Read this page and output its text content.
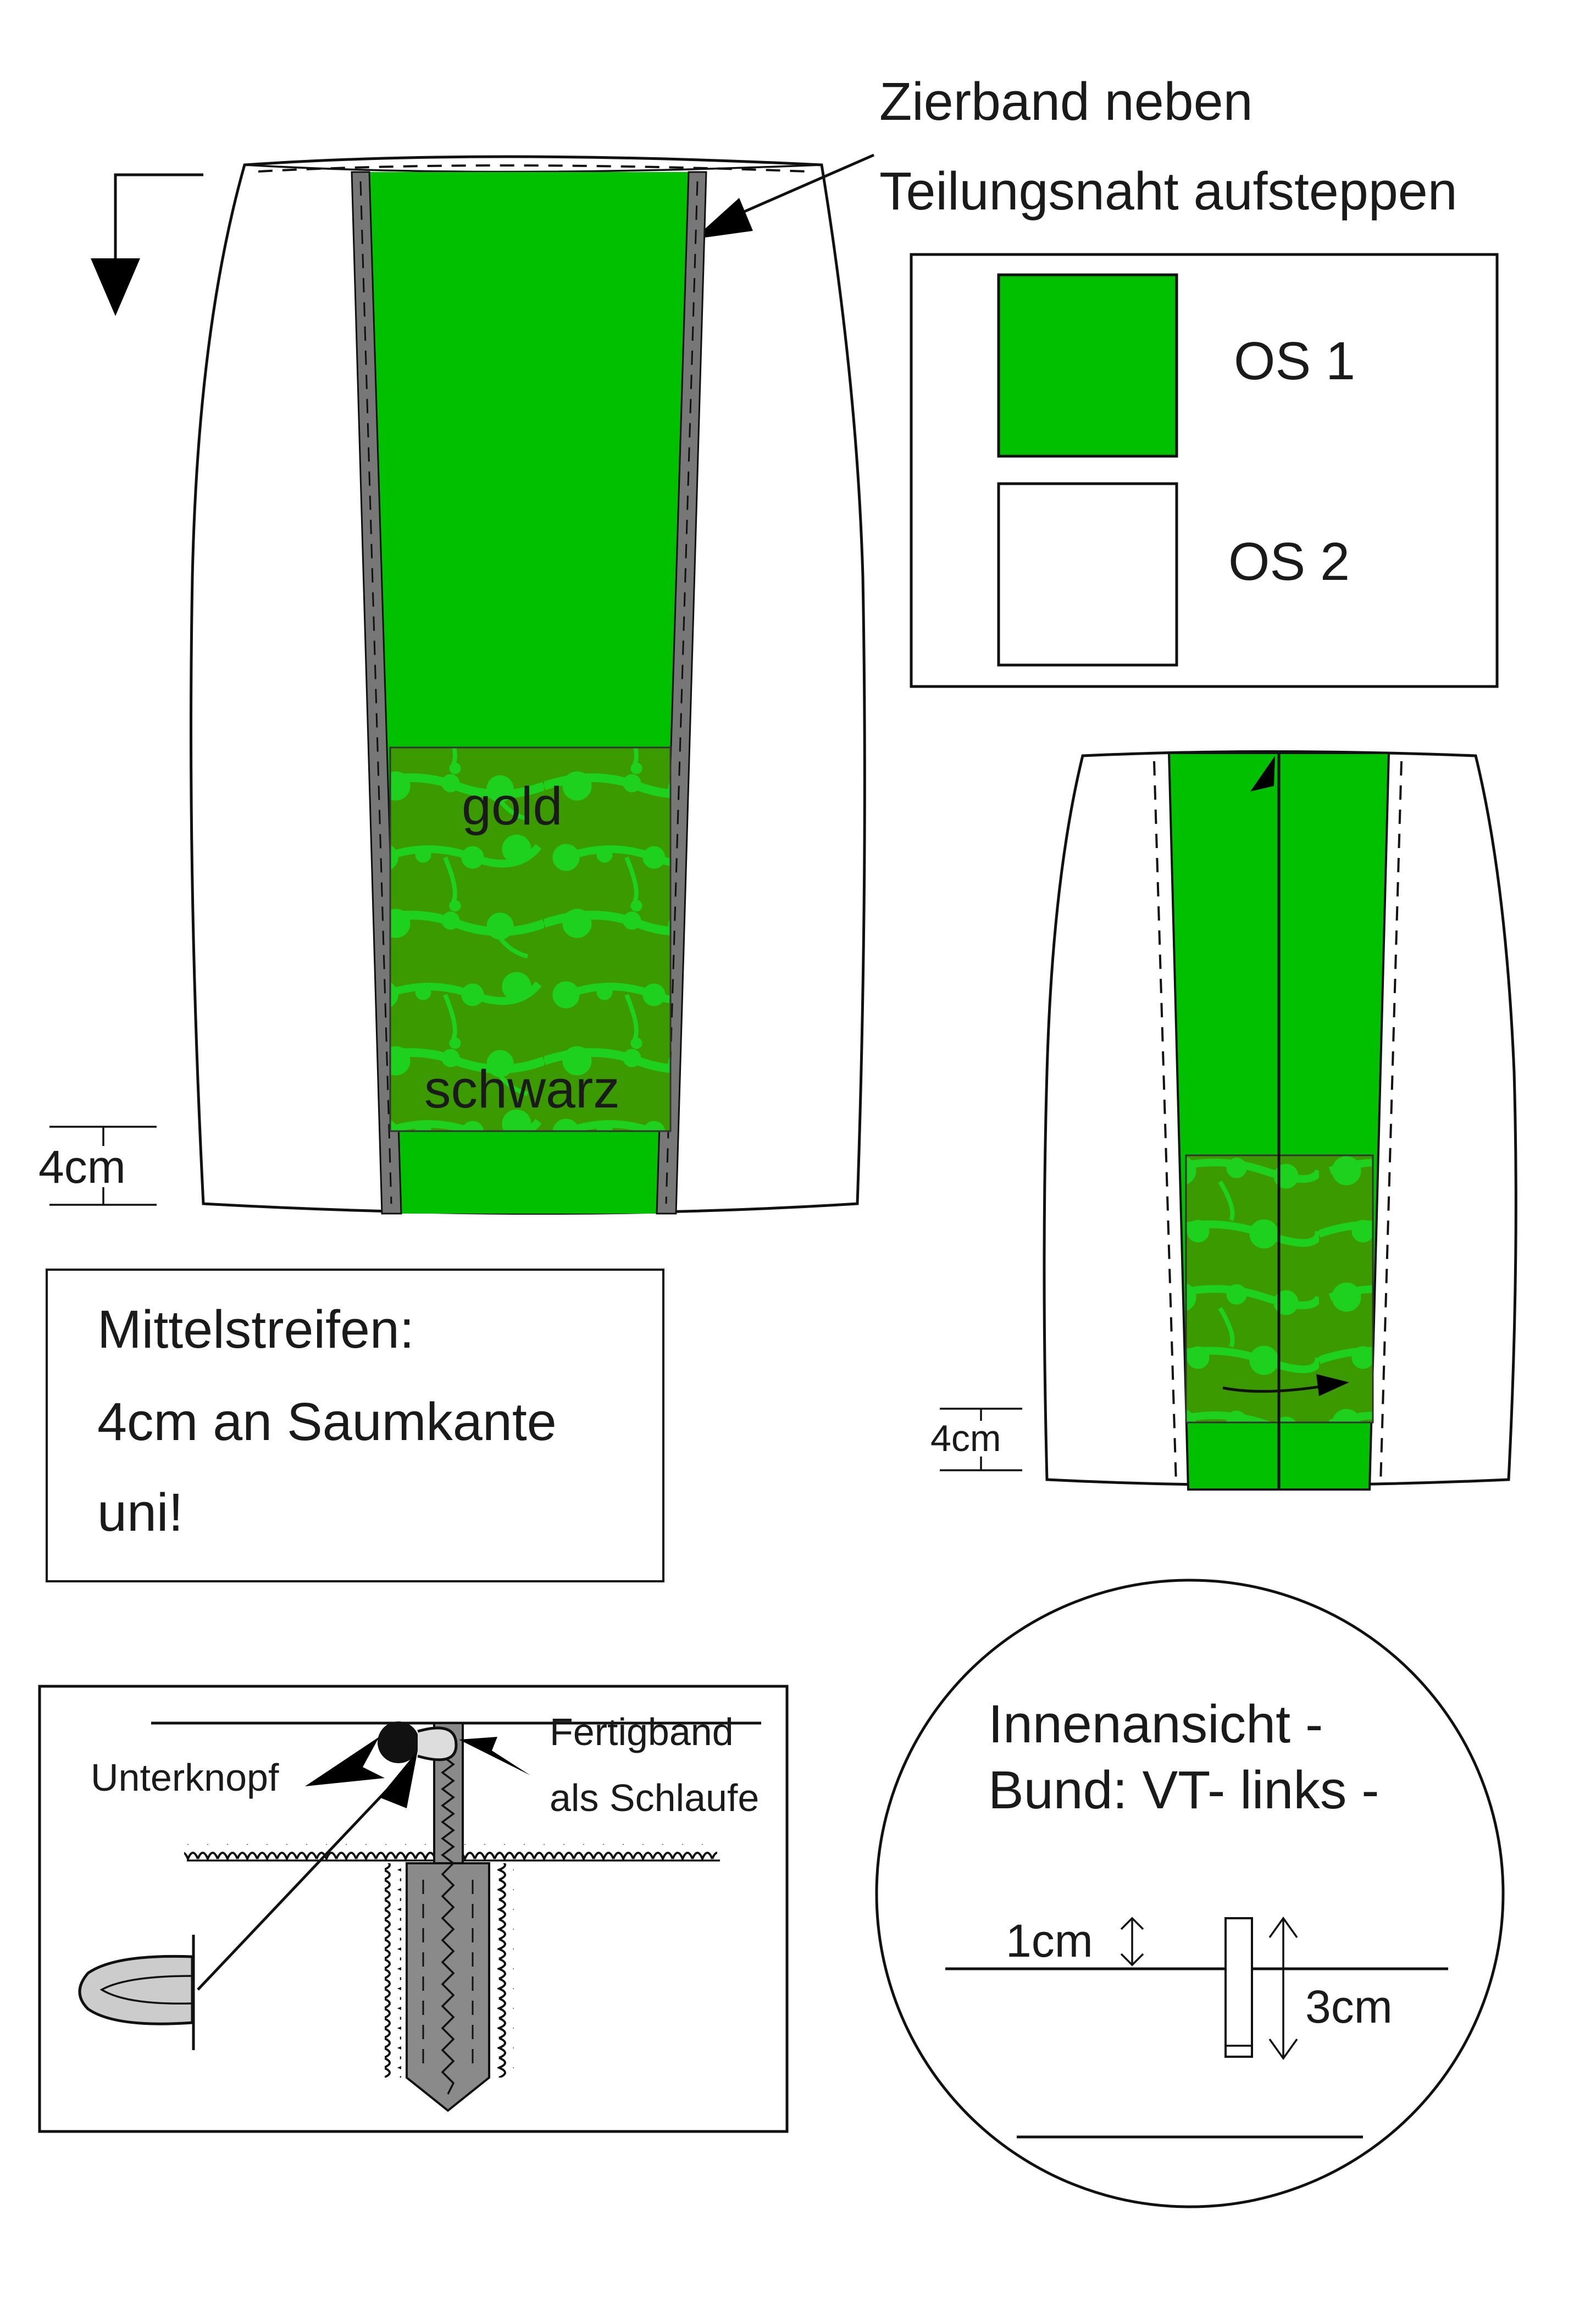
Zierband neben
Teilungsnaht aufsteppen
OS 1
OS 2
gold
schwarz
4cm
4cm
Mittelstreifen:
4cm an Saumkante
uni!
Unterknopf
Fertigband
als Schlaufe
Innenansicht -
Bund: VT- links -
1cm
3cm
